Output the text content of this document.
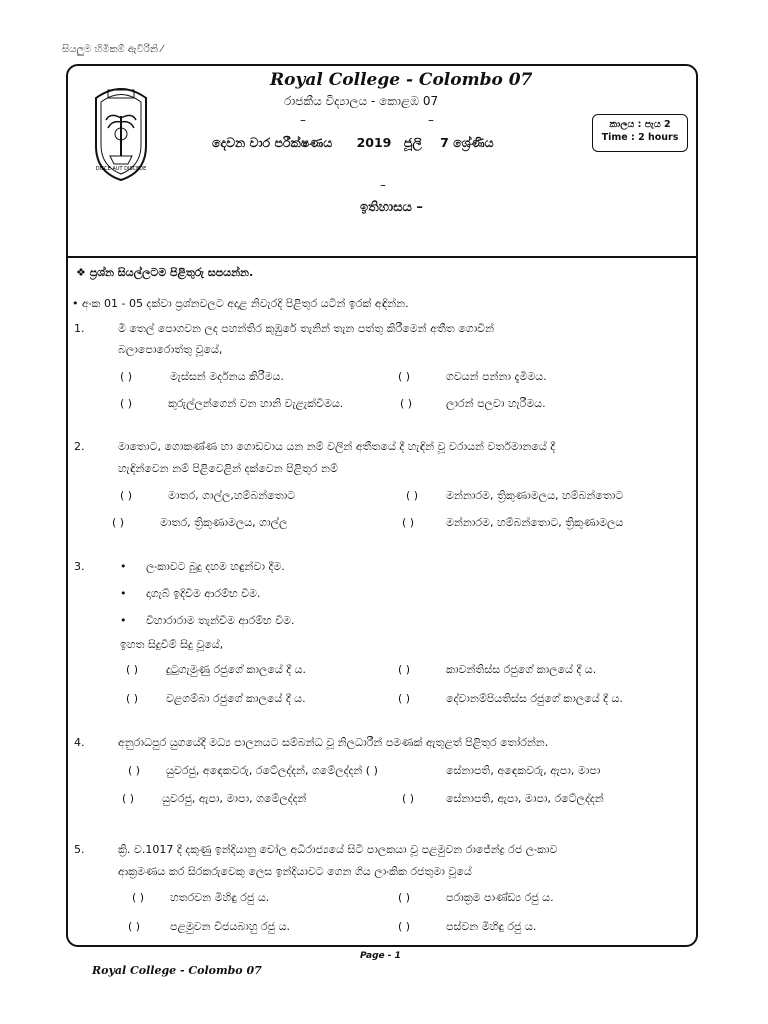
සියලුම හිමිකම් ඇවිරිනි ⁄
DISCE AUT DISCEDE
Royal College - Colombo 07
රාජකීය විද්‍යාලය - කොළඹ 07
–	–	කාලය : පැය 2
Time : 2 hours
දෙවන වාර පරීක්ෂණය 2019 ජූලි 7 ශ්‍රේණිය
–
ඉතිහාසය –
❖ ප්‍රශ්න සියල්ලටම පිළිතුරු සපයන්න.
• අංක 01 - 05 දක්වා ප්‍රශ්නවලට අදාළ නිවැරදි පිළිතුර යටින් ඉරක් අඳින්න.
1.	මී තෙල් පොගවන ලද පහන්තිර කුඹුරේ තැනින් තැන පත්තු කිරීමෙන් අතීත ගොවීන්
බලාපොරොත්තු වූයේ,
( )	මැස්සන් මර්දනය කිරීමය.	( )	ගවයන් පන්නා දැමීමය.
( )	කුරුල්ලන්ගෙන් වන හානි වැළැක්වීමය.	( )	ලාරන් පලවා හැරීමය.
2.	මාතොට, ගොකණ්ණ හා ගොඩවාය යන නම් වලින් අතීතයේ දී හැඳින් වූ වරායන් වර්තමානයේ දී
හැඳින්වෙන නම් පිළිවෙළින් දක්වෙන පිළිතුර නම්
( )	මාතර, ගාල්ල,හම්බන්තොට	( )	මන්නාරම, ත්‍රිකුණාමලය, හම්බන්තොට
( )	මාතර, ත්‍රිකුණාමලය, ගාල්ල	( )	මන්නාරම, හම්බන්තොට, ත්‍රිකුණාමලය
3.	• ලංකාවට බුදු දහම හඳුන්වා දීම.
• දාගැබ් ඉදිවීම ආරම්භ වීම.
• විහාරාරාම තැන්වීම ආරම්භ වීම.
ඉහත සිදුවීම් සිදු වූයේ,
( )	දුටුගැමුණු රජුගේ කාලයේ දී ය.	( )	කාවන්තිස්ස රජුගේ කාලයේ දී ය.
( )	වළගම්බා රජුගේ කාලයේ දී ය.	( )	දේවානම්පියතිස්ස රජුගේ කාලයේ දී ය.
4.	අනුරාධපුර යුගයේදී මධ්‍ය පාලනයට සම්බන්ධ වූ නිලධාරීන් පමණක් ඇතුළත් පිළිතුර තෝරන්න.
( ) යුවරජු, අඳෙකවරු, රටේලද්දන්, ගමේලද්දන් ( )	සේනාපති, අඳෙකවරු, ඇපා, මාපා
( )	යුවරජු, ඇපා, මාපා, ගමේලද්දන්	( )	සේනාපති, ඇපා, මාපා, රටේලද්දන්
5.	ක්‍රි. ව.1017 දී දකුණු ඉන්දියානු චෝල අධිරාජ්‍යයේ සිටි පාලකයා වූ පළමුවන රාජේන්ද්‍ර රජ ලංකාව
ආක්‍රමණය කර සිරකරුවෙකු ලෙස ඉන්දියාවට ගෙන ගිය ලාංකික රජතුමා වූයේ
( ) හතරවන මිහිඳු රජු ය.	( )	පරාක්‍රම පාණ්ඩ්‍ය රජු ය.
( )	පළමුවන විජයබාහු රජු ය.	( )	පස්වන මිහිඳු රජු ය.
Page - 1
Royal College - Colombo 07
